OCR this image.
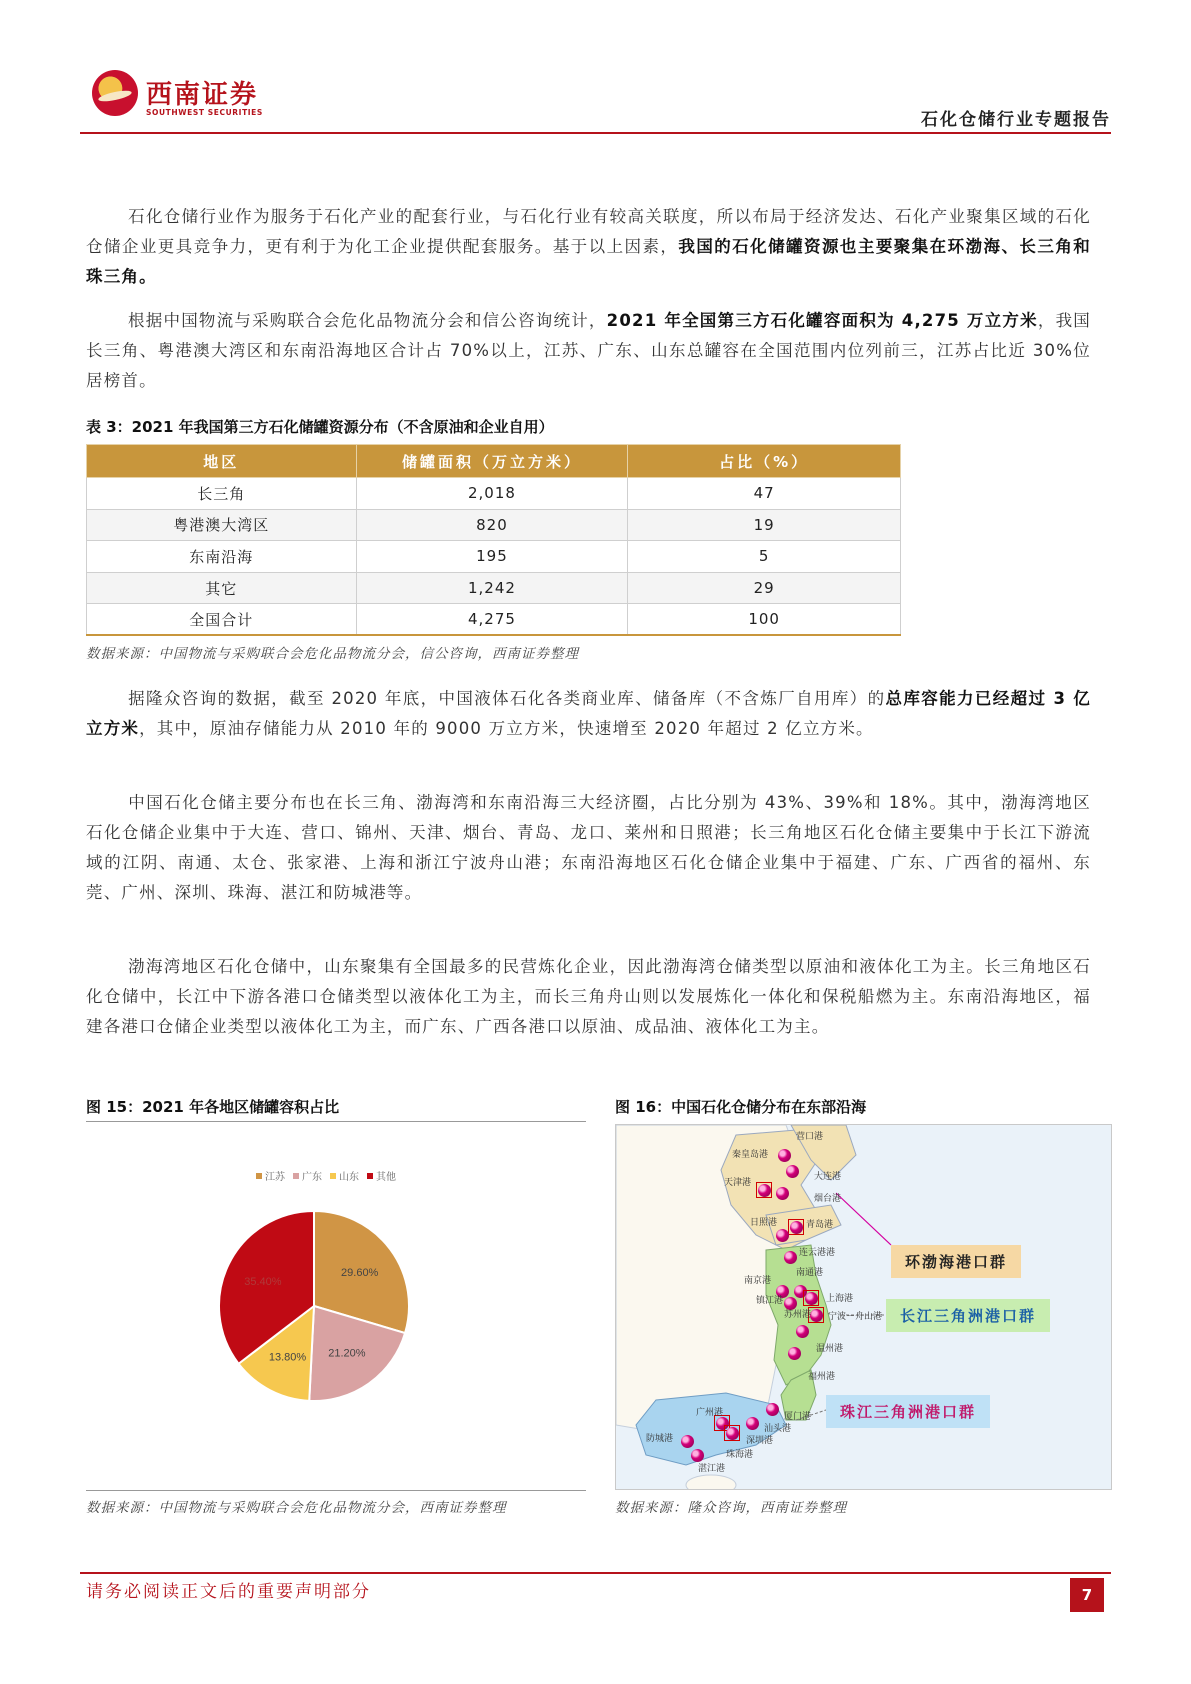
西南证券
SOUTHWEST SECURITIES	石化仓储行业专题报告
石化仓储行业作为服务于石化产业的配套行业，与石化行业有较高关联度，所以布局于经济发达、石化产业聚集区域的石化仓储企业更具竞争力，更有利于为化工企业提供配套服务。基于以上因素，我国的石化储罐资源也主要聚集在环渤海、长三角和珠三角。
根据中国物流与采购联合会危化品物流分会和信公咨询统计，2021 年全国第三方石化罐容面积为 4,275 万立方米，我国长三角、粤港澳大湾区和东南沿海地区合计占 70%以上，江苏、广东、山东总罐容在全国范围内位列前三，江苏占比近 30%位居榜首。
表 3：2021 年我国第三方石化储罐资源分布（不含原油和企业自用）
地区	储罐面积（万立方米）	占比（%）
长三角	2,018	47
粤港澳大湾区	820	19
东南沿海	195	5
其它	1,242	29
全国合计	4,275	100
数据来源：中国物流与采购联合会危化品物流分会，信公咨询，西南证券整理
据隆众咨询的数据，截至 2020 年底，中国液体石化各类商业库、储备库（不含炼厂自用库）的总库容能力已经超过 3 亿立方米，其中，原油存储能力从 2010 年的 9000 万立方米，快速增至 2020 年超过 2 亿立方米。
中国石化仓储主要分布也在长三角、渤海湾和东南沿海三大经济圈，占比分别为 43%、39%和 18%。其中，渤海湾地区石化仓储企业集中于大连、营口、锦州、天津、烟台、青岛、龙口、莱州和日照港；长三角地区石化仓储主要集中于长江下游流域的江阴、南通、太仓、张家港、上海和浙江宁波舟山港；东南沿海地区石化仓储企业集中于福建、广东、广西省的福州、东莞、广州、深圳、珠海、湛江和防城港等。
渤海湾地区石化仓储中，山东聚集有全国最多的民营炼化企业，因此渤海湾仓储类型以原油和液体化工为主。长三角地区石化仓储中，长江中下游各港口仓储类型以液体化工为主，而长三角舟山则以发展炼化一体化和保税船燃为主。东南沿海地区，福建各港口仓储企业类型以液体化工为主，而广东、广西各港口以原油、成品油、液体化工为主。
图 15：2021 年各地区储罐容积占比
江苏 广东 山东 其他
29.60%
21.20%
13.80%
35.40%
数据来源：中国物流与采购联合会危化品物流分会，西南证券整理
图 16：中国石化仓储分布在东部沿海
营口港
秦皇岛港
大连港
天津港
烟台港
日照港	青岛港
连云港港
南京港
南通港
镇江港	上海港
苏州港 宁波－舟山港
温州港
福州港
广州港	厦门港
汕头港
防城港	深圳港
珠海港
湛江港
环渤海港口群
长江三角洲港口群
珠江三角洲港口群
数据来源：隆众咨询，西南证券整理
请务必阅读正文后的重要声明部分	7
